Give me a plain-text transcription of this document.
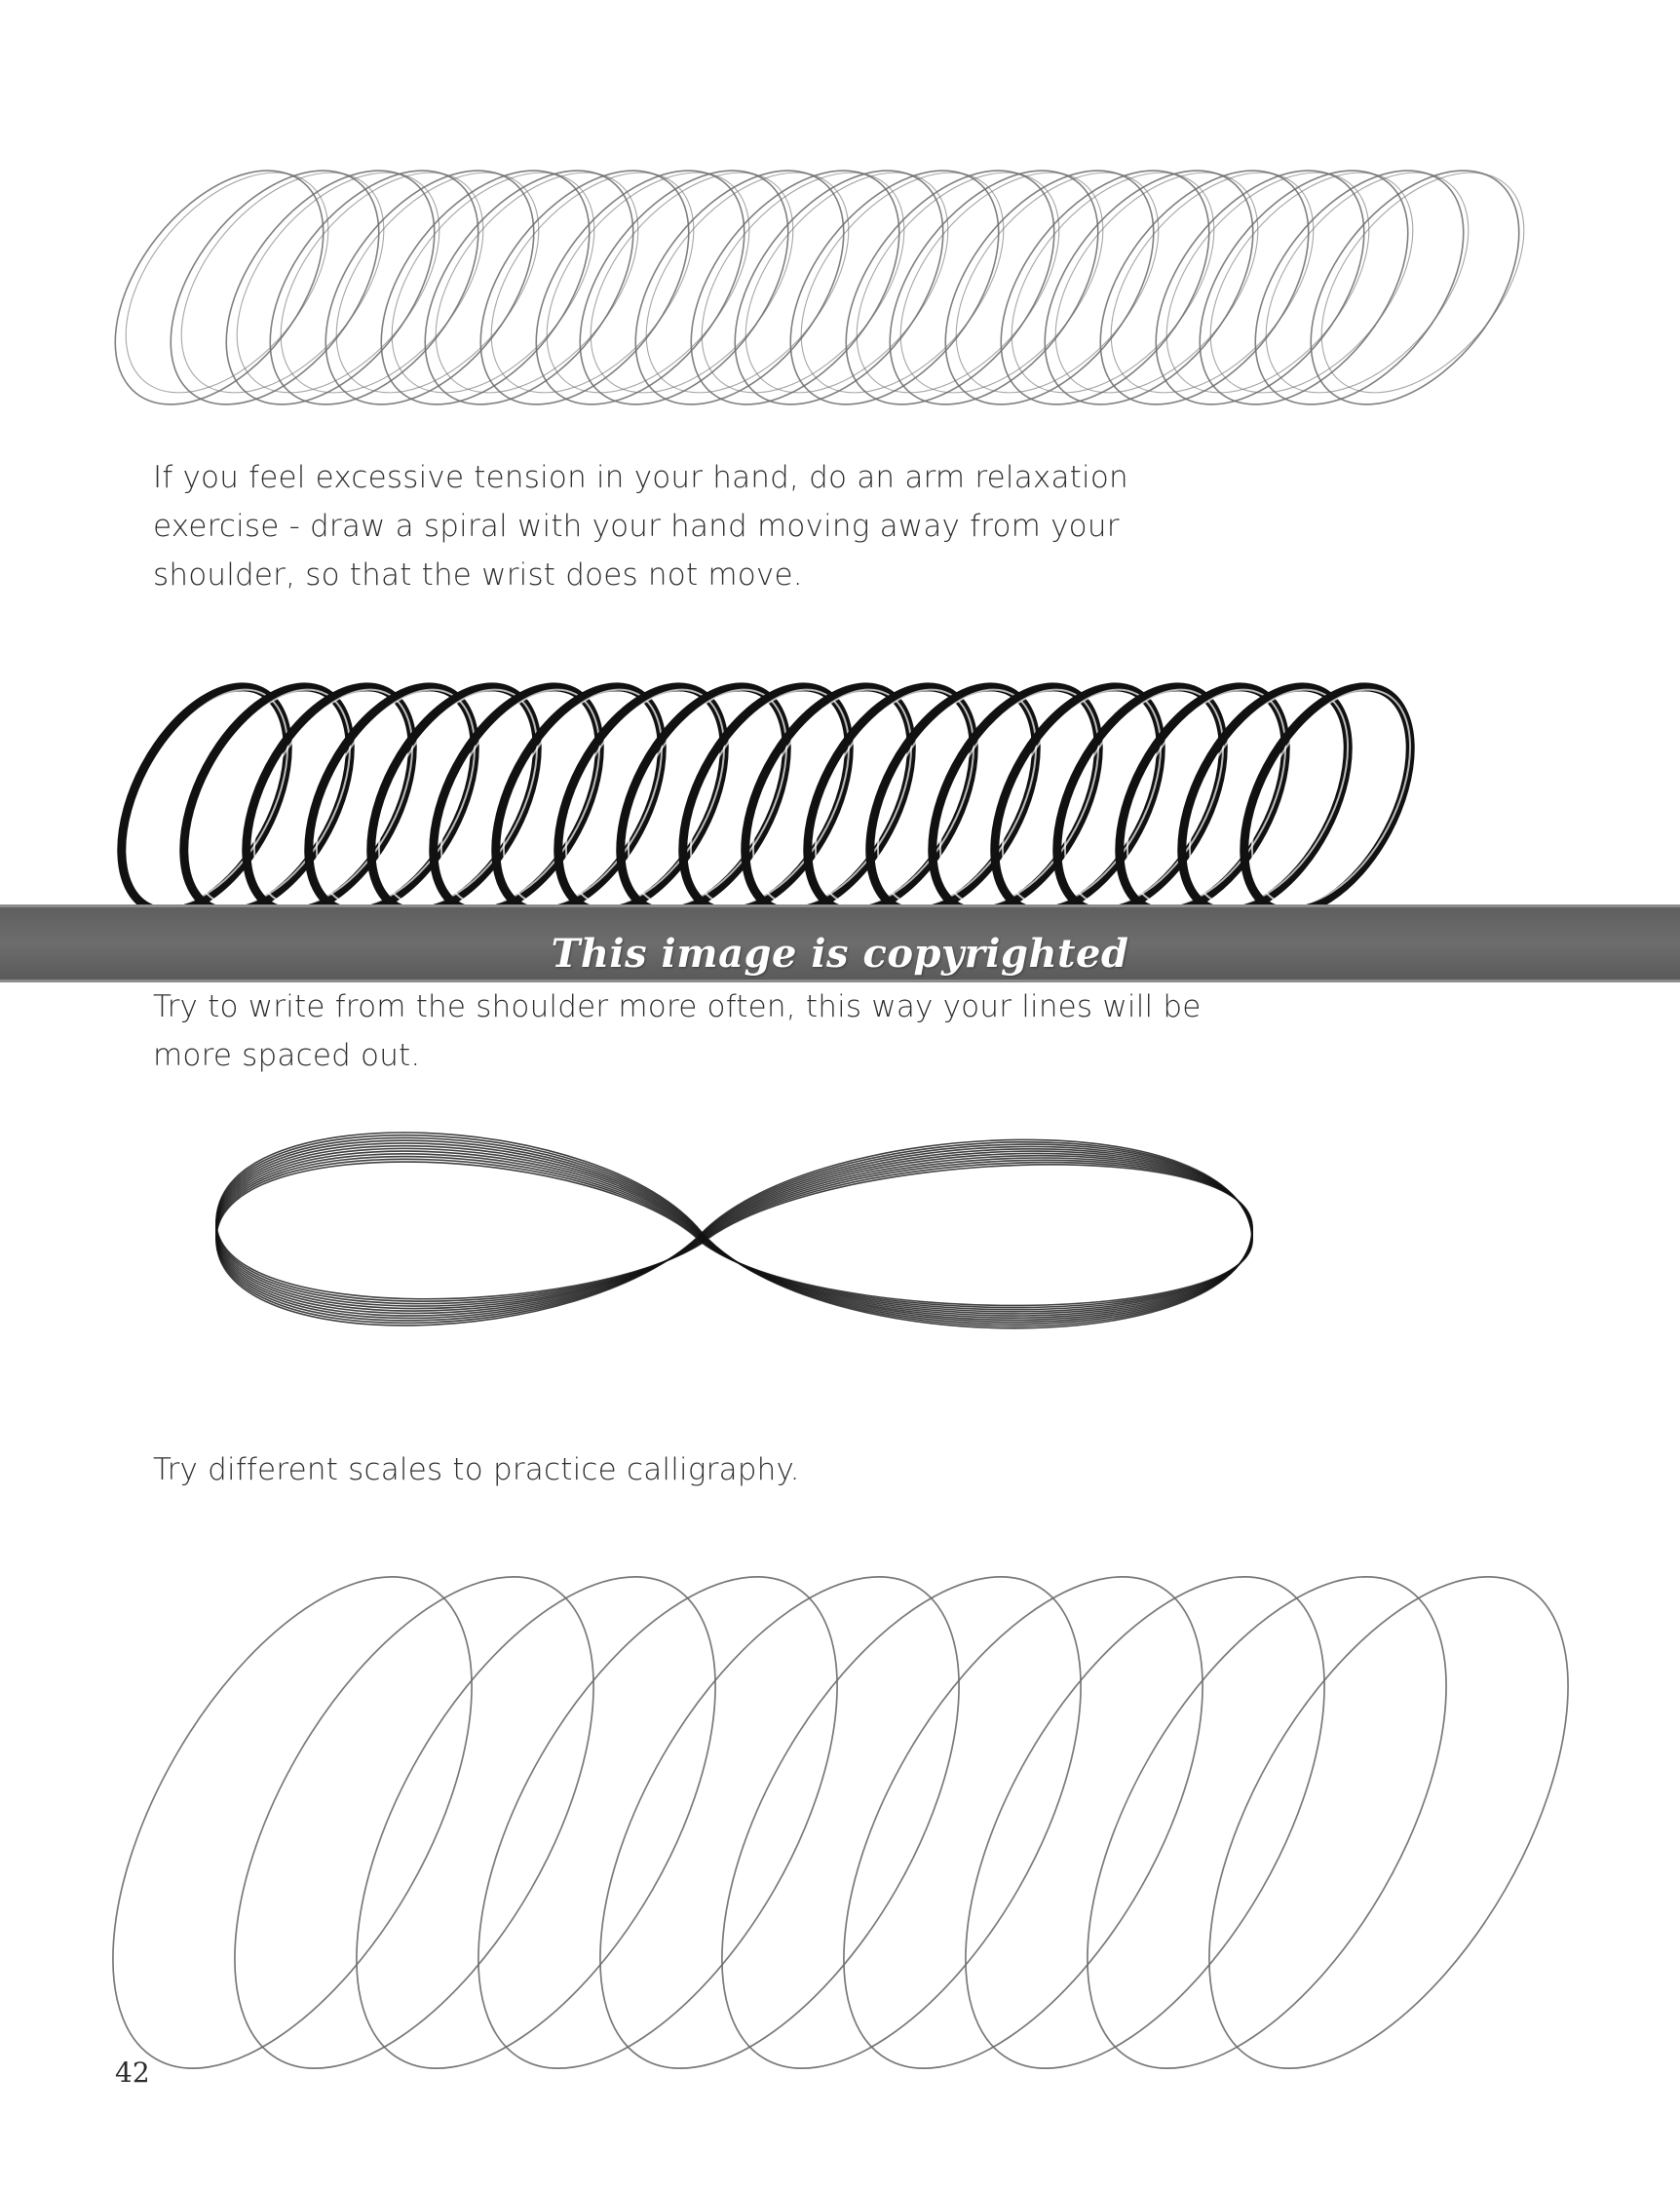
If you feel excessive tension in your hand, do an arm relaxation
exercise - draw a spiral with your hand moving away from your
shoulder, so that the wrist does not move.

This image is copyrighted

Try to write from the shoulder more often, this way your lines will be
more spaced out.

Try different scales to practice calligraphy.

42
